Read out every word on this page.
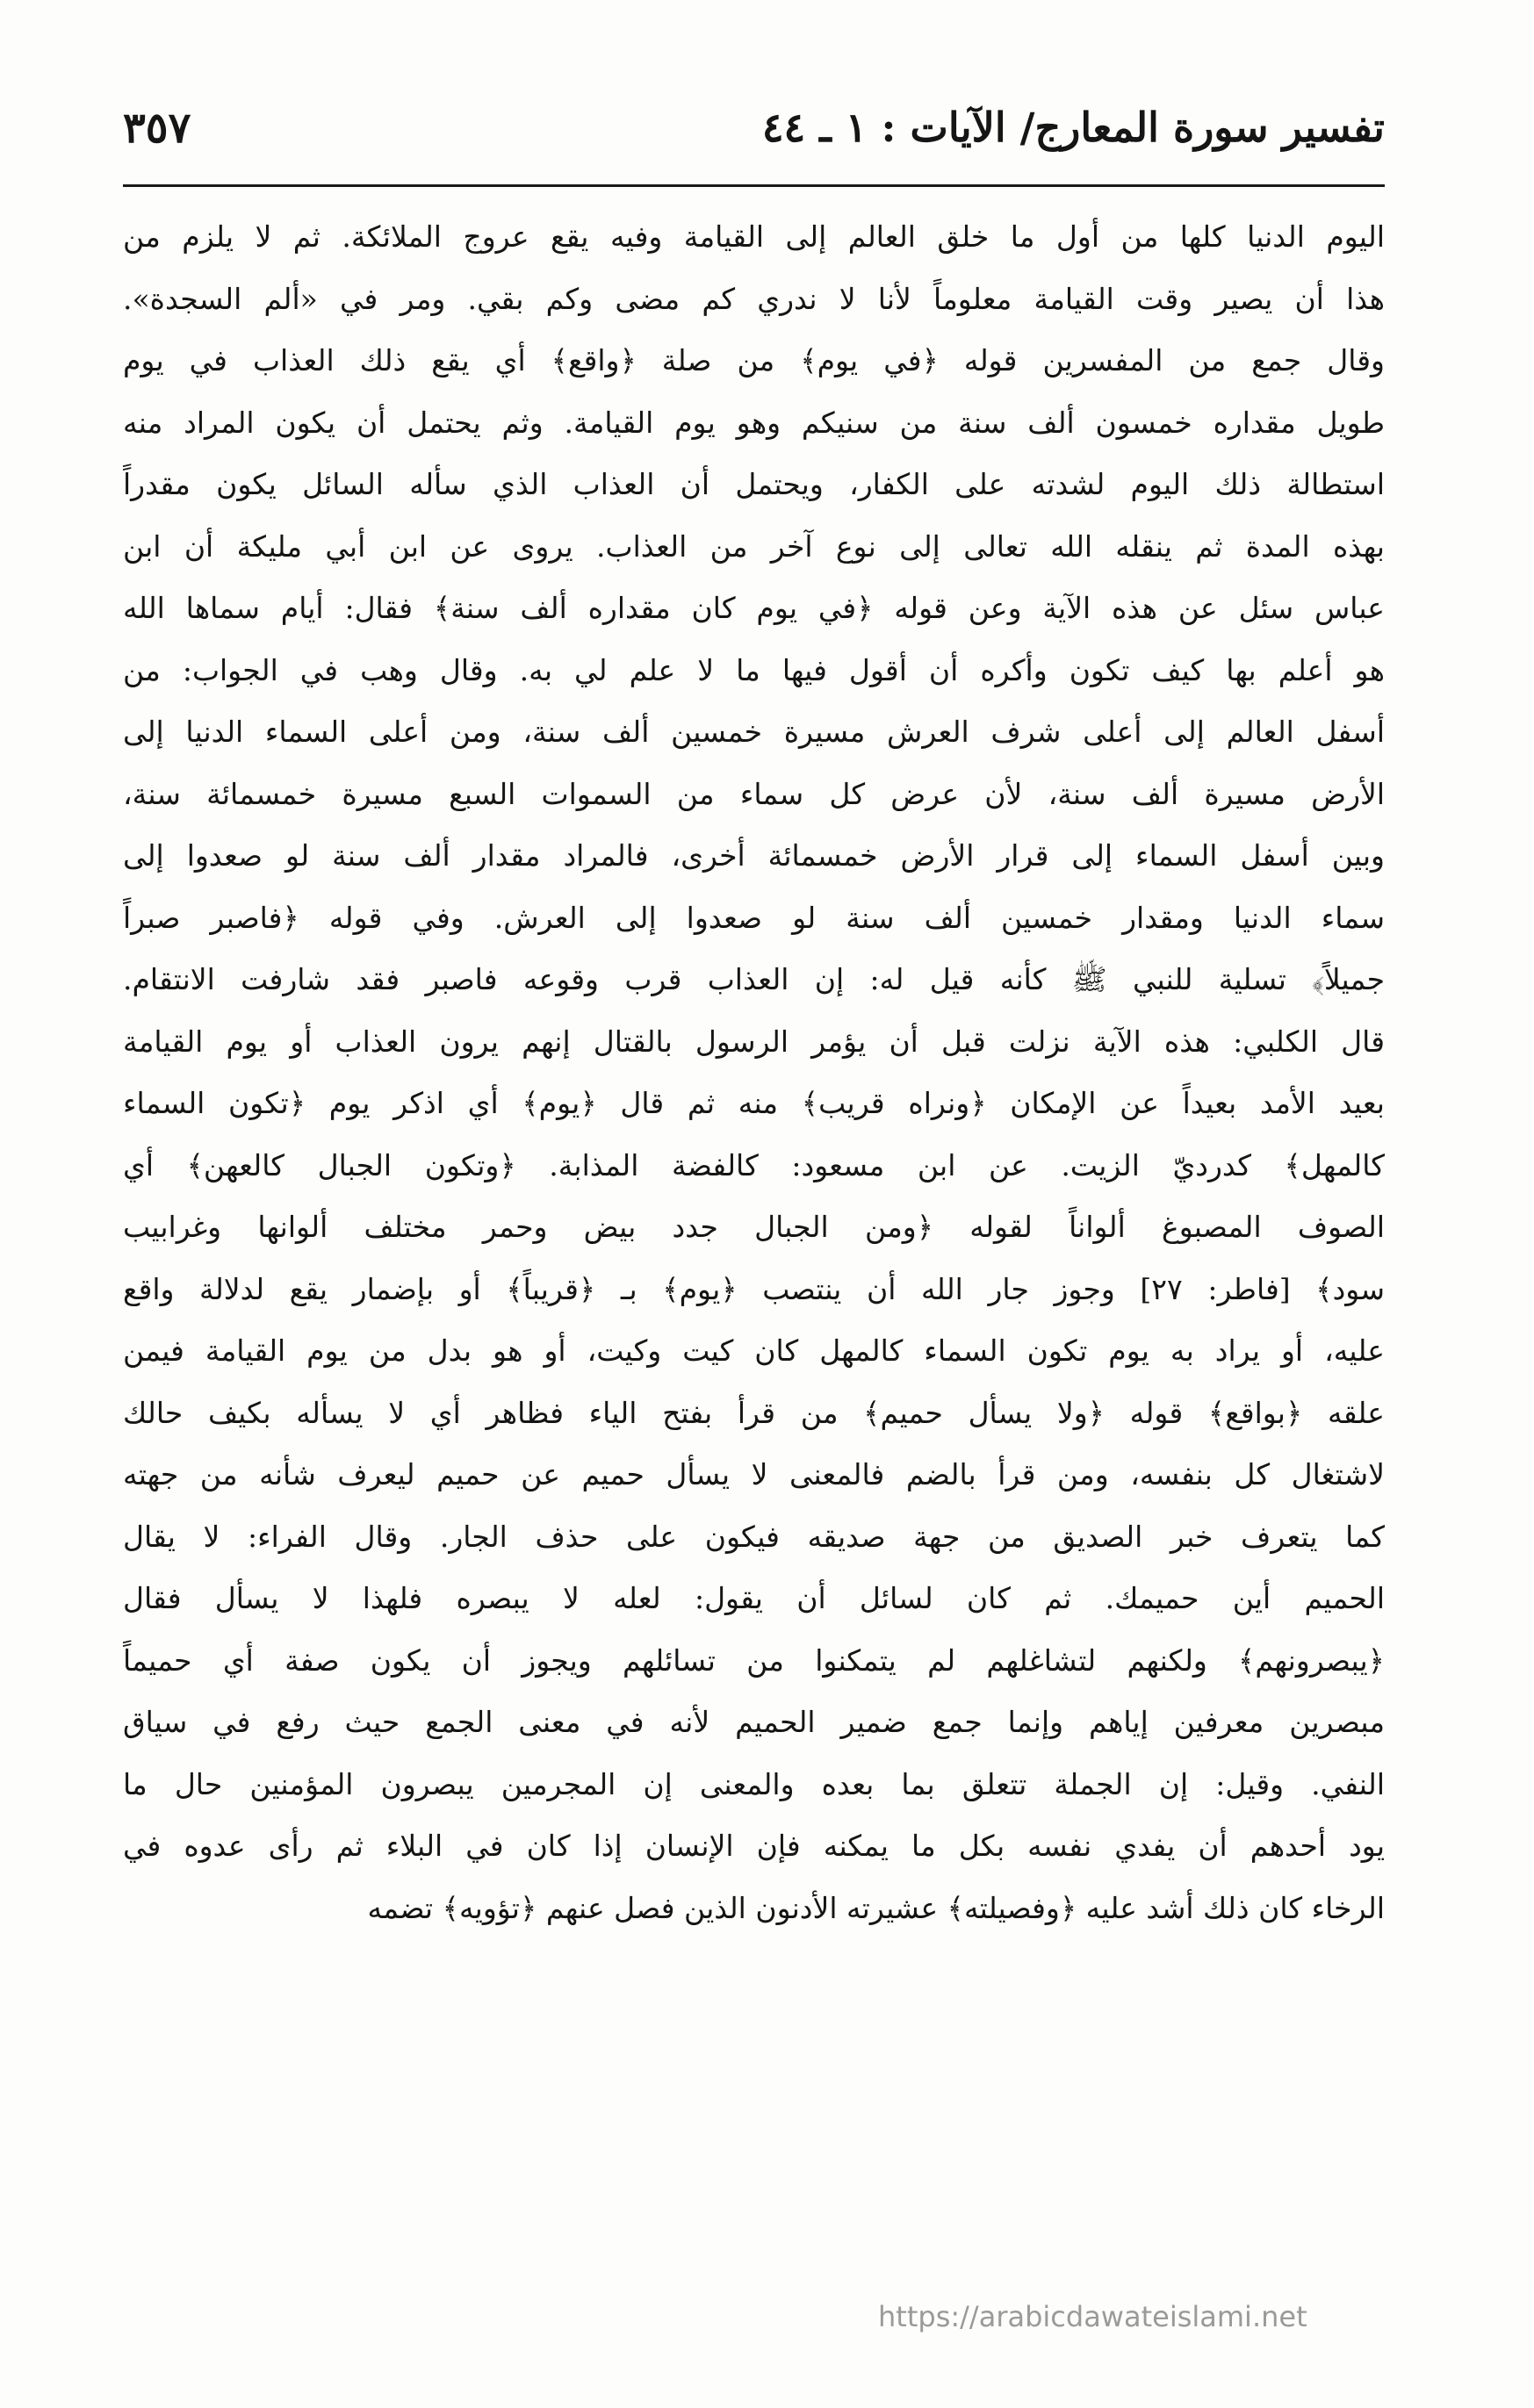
تفسير سورة المعارج/ الآيات : ١ ـ ٤٤
٣٥٧
اليوم الدنيا كلها من أول ما خلق العالم إلى القيامة وفيه يقع عروج الملائكة. ثم لا يلزم من
هذا أن يصير وقت القيامة معلوماً لأنا لا ندري كم مضى وكم بقي. ومر في «ألم السجدة».
وقال جمع من المفسرين قوله ﴿في يوم﴾ من صلة ﴿واقع﴾ أي يقع ذلك العذاب في يوم
طويل مقداره خمسون ألف سنة من سنيكم وهو يوم القيامة. وثم يحتمل أن يكون المراد منه
استطالة ذلك اليوم لشدته على الكفار، ويحتمل أن العذاب الذي سأله السائل يكون مقدراً
بهذه المدة ثم ينقله الله تعالى إلى نوع آخر من العذاب. يروى عن ابن أبي مليكة أن ابن
عباس سئل عن هذه الآية وعن قوله ﴿في يوم كان مقداره ألف سنة﴾ فقال: أيام سماها الله
هو أعلم بها كيف تكون وأكره أن أقول فيها ما لا علم لي به. وقال وهب في الجواب: من
أسفل العالم إلى أعلى شرف العرش مسيرة خمسين ألف سنة، ومن أعلى السماء الدنيا إلى
الأرض مسيرة ألف سنة، لأن عرض كل سماء من السموات السبع مسيرة خمسمائة سنة،
وبين أسفل السماء إلى قرار الأرض خمسمائة أخرى، فالمراد مقدار ألف سنة لو صعدوا إلى
سماء الدنيا ومقدار خمسين ألف سنة لو صعدوا إلى العرش. وفي قوله ﴿فاصبر صبراً
جميلاً﴾ تسلية للنبي ﷺ كأنه قيل له: إن العذاب قرب وقوعه فاصبر فقد شارفت الانتقام.
قال الكلبي: هذه الآية نزلت قبل أن يؤمر الرسول بالقتال إنهم يرون العذاب أو يوم القيامة
بعيد الأمد بعيداً عن الإمكان ﴿ونراه قريب﴾ منه ثم قال ﴿يوم﴾ أي اذكر يوم ﴿تكون السماء
كالمهل﴾ كدرديّ الزيت. عن ابن مسعود: كالفضة المذابة. ﴿وتكون الجبال كالعهن﴾ أي
الصوف المصبوغ ألواناً لقوله ﴿ومن الجبال جدد بيض وحمر مختلف ألوانها وغرابيب
سود﴾ [فاطر: ٢٧] وجوز جار الله أن ينتصب ﴿يوم﴾ بـ ﴿قريباً﴾ أو بإضمار يقع لدلالة واقع
عليه، أو يراد به يوم تكون السماء كالمهل كان كيت وكيت، أو هو بدل من يوم القيامة فيمن
علقه ﴿بواقع﴾ قوله ﴿ولا يسأل حميم﴾ من قرأ بفتح الياء فظاهر أي لا يسأله بكيف حالك
لاشتغال كل بنفسه، ومن قرأ بالضم فالمعنى لا يسأل حميم عن حميم ليعرف شأنه من جهته
كما يتعرف خبر الصديق من جهة صديقه فيكون على حذف الجار. وقال الفراء: لا يقال
الحميم أين حميمك. ثم كان لسائل أن يقول: لعله لا يبصره فلهذا لا يسأل فقال
﴿يبصرونهم﴾ ولكنهم لتشاغلهم لم يتمكنوا من تسائلهم ويجوز أن يكون صفة أي حميماً
مبصرين معرفين إياهم وإنما جمع ضمير الحميم لأنه في معنى الجمع حيث رفع في سياق
النفي. وقيل: إن الجملة تتعلق بما بعده والمعنى إن المجرمين يبصرون المؤمنين حال ما
يود أحدهم أن يفدي نفسه بكل ما يمكنه فإن الإنسان إذا كان في البلاء ثم رأى عدوه في
الرخاء كان ذلك أشد عليه ﴿وفصيلته﴾ عشيرته الأدنون الذين فصل عنهم ﴿تؤويه﴾ تضمه
https://arabicdawateislami.net
